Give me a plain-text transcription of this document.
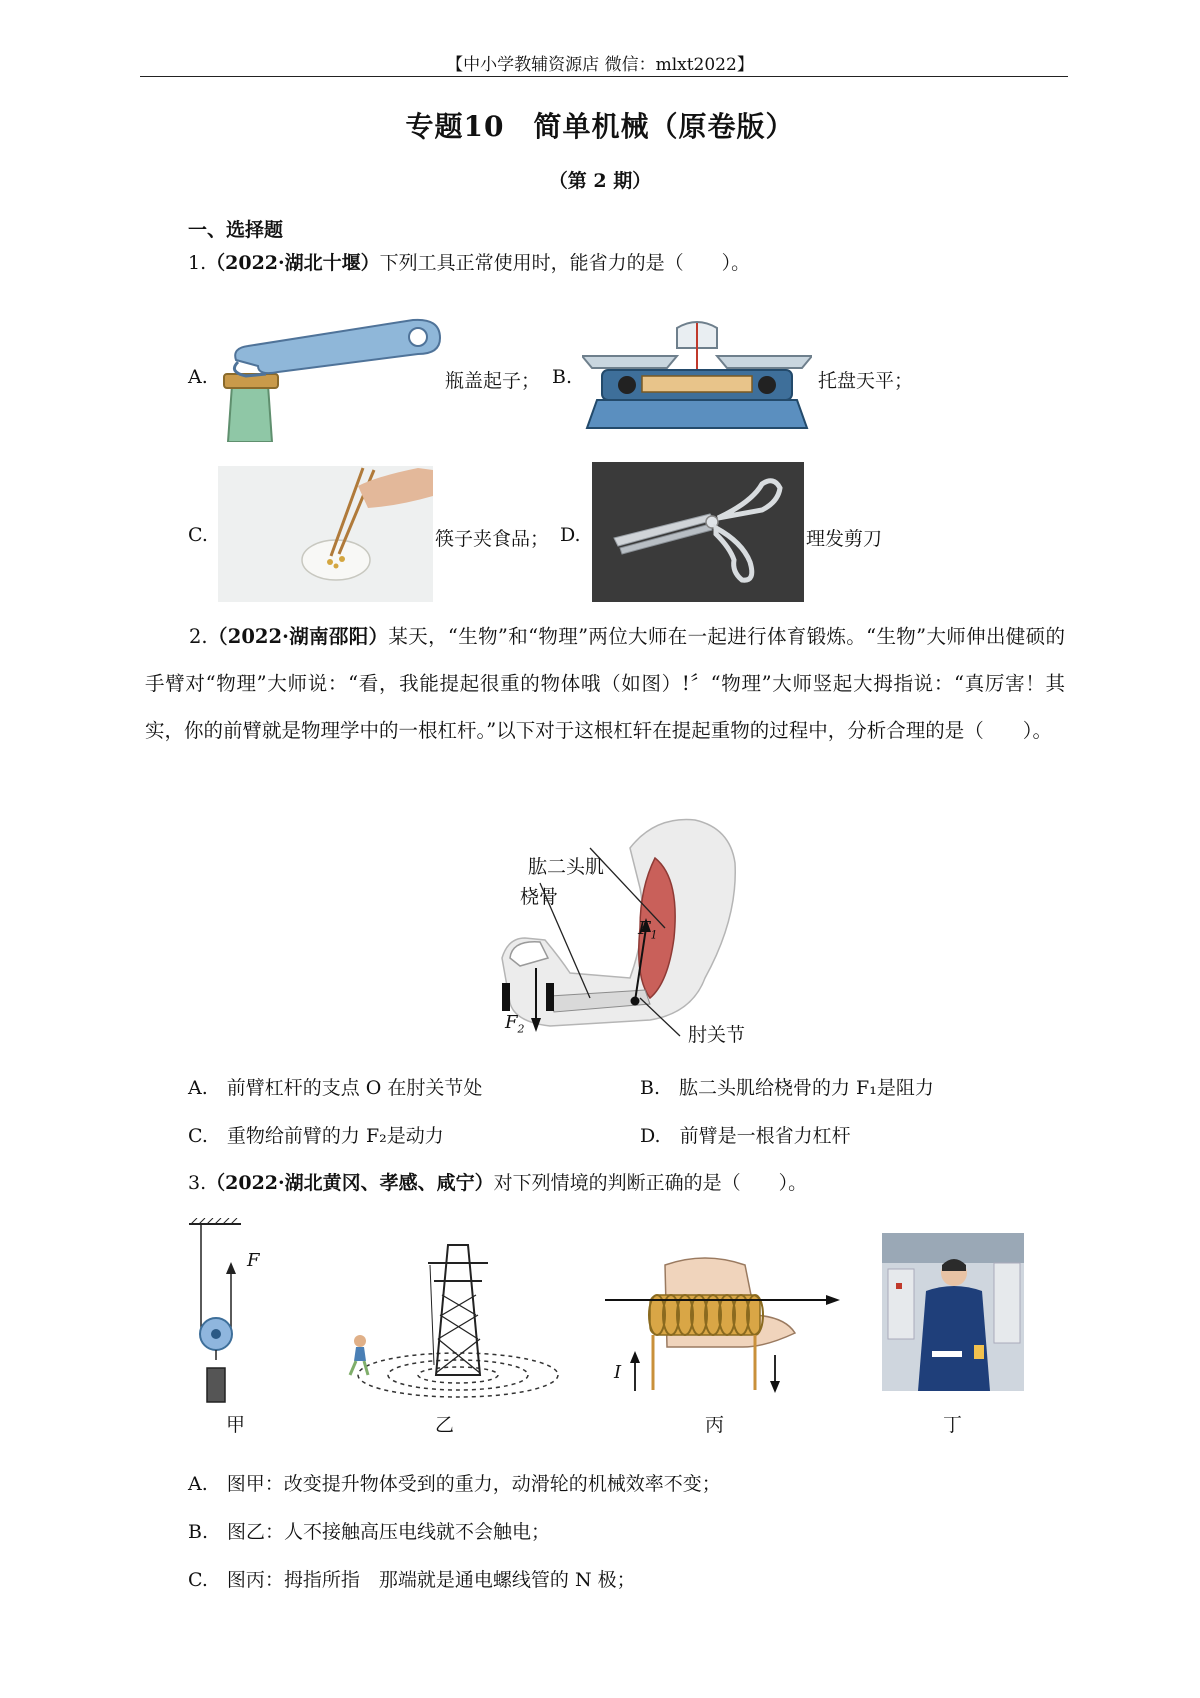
【中小学教辅资源店 微信：mlxt2022】
专题10　简单机械（原卷版）
（第 2 期）
一、选择题
1.（2022·湖北十堰）下列工具正常使用时，能省力的是（　　）。
A.	瓶盖起子； B.	托盘天平；
C.	筷子夹食品； D.	理发剪刀
2.（2022·湖南邵阳）某天，“生物”和“物理”两位大师在一起进行体育锻炼。“生物”大师伸出健硕的手臂对“物理”大师说：“看，我能提起很重的物体哦（如图）!〞“物理”大师竖起大拇指说：“真厉害！其实，你的前臂就是物理学中的一根杠杆。”以下对于这根杠轩在提起重物的过程中，分析合理的是（　　）。
肱二头肌
桡骨
肘关节
$F_1$
$F_2$
A.　前臂杠杆的支点 O 在肘关节处	B.　肱二头肌给桡骨的力 F₁是阻力
C.　重物给前臂的力 F₂是动力	D.　前臂是一根省力杠杆
3.（2022·湖北黄冈、孝感、咸宁）对下列情境的判断正确的是（　　）。
F
甲	乙
I
丙	丁
A.　图甲：改变提升物体受到的重力，动滑轮的机械效率不变；
B.　图乙：人不接触高压电线就不会触电；
C.　图丙：拇指所指　那端就是通电螺线管的 N 极；
